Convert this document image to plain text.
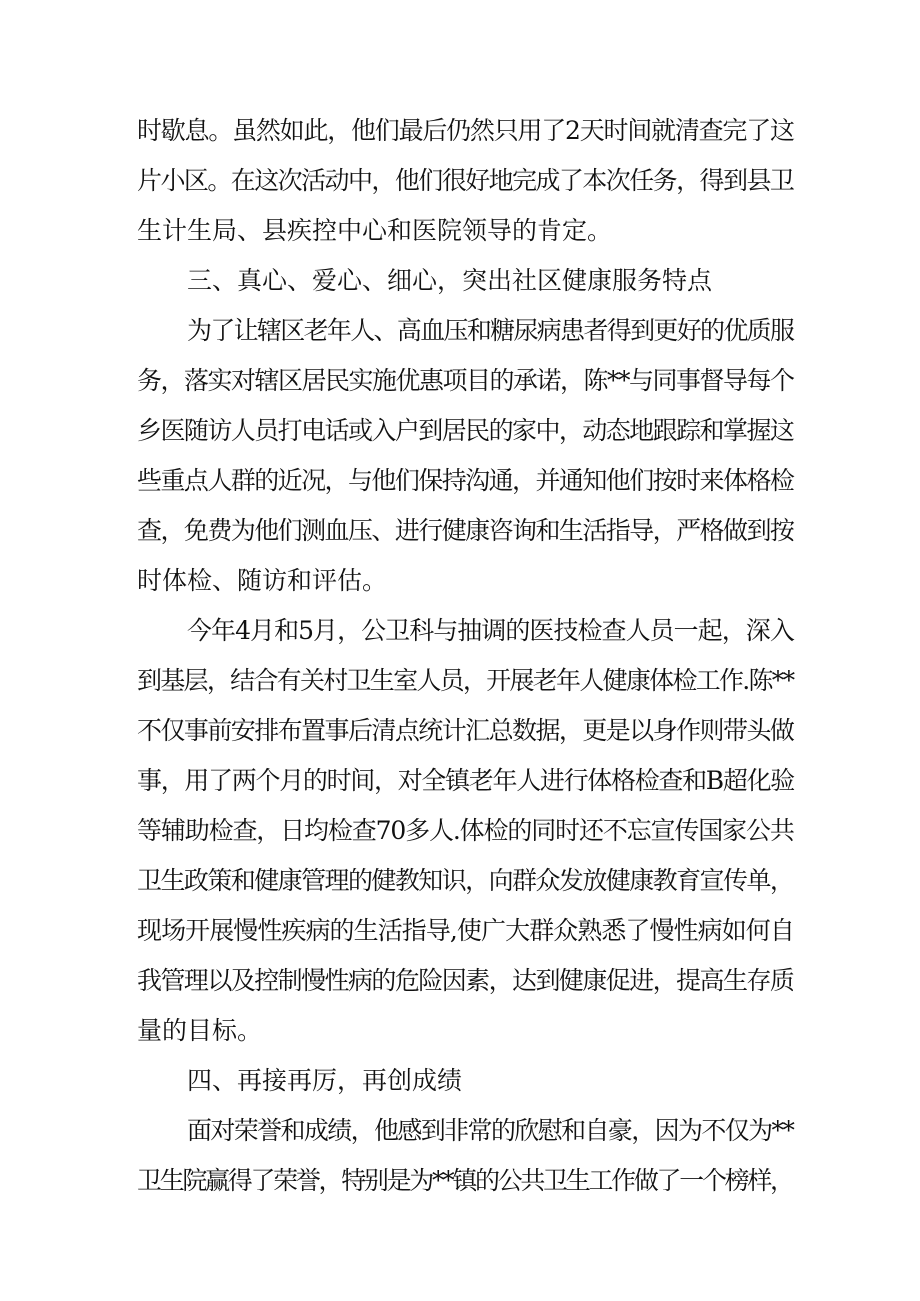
时歇息。虽然如此，他们最后仍然只用了2天时间就清查完了这
片小区。在这次活动中，他们很好地完成了本次任务，得到县卫
生计生局、县疾控中心和医院领导的肯定。
三、真心、爱心、细心，突出社区健康服务特点
为了让辖区老年人、高血压和糖尿病患者得到更好的优质服
务，落实对辖区居民实施优惠项目的承诺，陈**与同事督导每个
乡医随访人员打电话或入户到居民的家中，动态地跟踪和掌握这
些重点人群的近况，与他们保持沟通，并通知他们按时来体格检
查，免费为他们测血压、进行健康咨询和生活指导，严格做到按
时体检、随访和评估。
今年4月和5月，公卫科与抽调的医技检查人员一起，深入
到基层，结合有关村卫生室人员，开展老年人健康体检工作.陈**
不仅事前安排布置事后清点统计汇总数据，更是以身作则带头做
事，用了两个月的时间，对全镇老年人进行体格检查和B超化验
等辅助检查，日均检查70多人.体检的同时还不忘宣传国家公共
卫生政策和健康管理的健教知识，向群众发放健康教育宣传单，
现场开展慢性疾病的生活指导,使广大群众熟悉了慢性病如何自
我管理以及控制慢性病的危险因素，达到健康促进，提高生存质
量的目标。
四、再接再厉，再创成绩
面对荣誉和成绩，他感到非常的欣慰和自豪，因为不仅为**
卫生院赢得了荣誉，特别是为**镇的公共卫生工作做了一个榜样，
